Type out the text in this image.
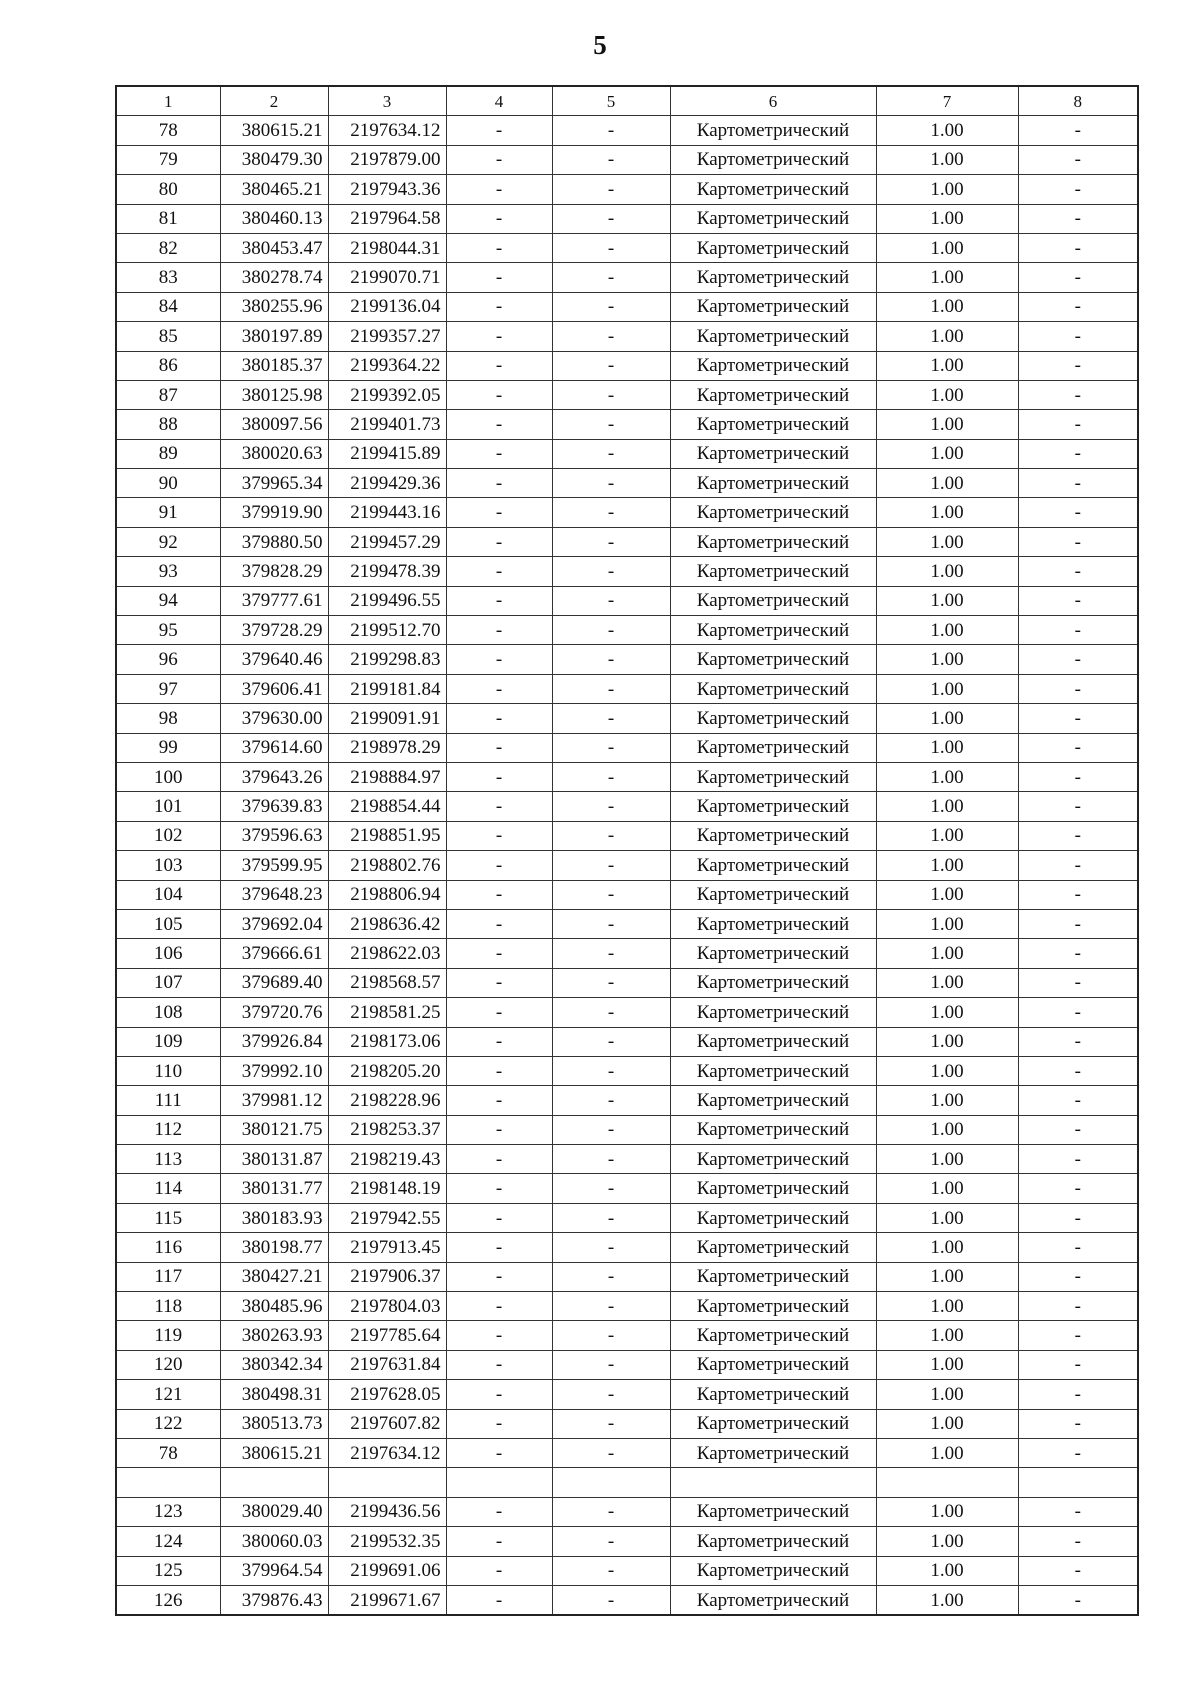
5
1	2	3	4	5	6	7	8
78	380615.21	2197634.12	-	-	Картометрический	1.00	-
79	380479.30	2197879.00	-	-	Картометрический	1.00	-
80	380465.21	2197943.36	-	-	Картометрический	1.00	-
81	380460.13	2197964.58	-	-	Картометрический	1.00	-
82	380453.47	2198044.31	-	-	Картометрический	1.00	-
83	380278.74	2199070.71	-	-	Картометрический	1.00	-
84	380255.96	2199136.04	-	-	Картометрический	1.00	-
85	380197.89	2199357.27	-	-	Картометрический	1.00	-
86	380185.37	2199364.22	-	-	Картометрический	1.00	-
87	380125.98	2199392.05	-	-	Картометрический	1.00	-
88	380097.56	2199401.73	-	-	Картометрический	1.00	-
89	380020.63	2199415.89	-	-	Картометрический	1.00	-
90	379965.34	2199429.36	-	-	Картометрический	1.00	-
91	379919.90	2199443.16	-	-	Картометрический	1.00	-
92	379880.50	2199457.29	-	-	Картометрический	1.00	-
93	379828.29	2199478.39	-	-	Картометрический	1.00	-
94	379777.61	2199496.55	-	-	Картометрический	1.00	-
95	379728.29	2199512.70	-	-	Картометрический	1.00	-
96	379640.46	2199298.83	-	-	Картометрический	1.00	-
97	379606.41	2199181.84	-	-	Картометрический	1.00	-
98	379630.00	2199091.91	-	-	Картометрический	1.00	-
99	379614.60	2198978.29	-	-	Картометрический	1.00	-
100	379643.26	2198884.97	-	-	Картометрический	1.00	-
101	379639.83	2198854.44	-	-	Картометрический	1.00	-
102	379596.63	2198851.95	-	-	Картометрический	1.00	-
103	379599.95	2198802.76	-	-	Картометрический	1.00	-
104	379648.23	2198806.94	-	-	Картометрический	1.00	-
105	379692.04	2198636.42	-	-	Картометрический	1.00	-
106	379666.61	2198622.03	-	-	Картометрический	1.00	-
107	379689.40	2198568.57	-	-	Картометрический	1.00	-
108	379720.76	2198581.25	-	-	Картометрический	1.00	-
109	379926.84	2198173.06	-	-	Картометрический	1.00	-
110	379992.10	2198205.20	-	-	Картометрический	1.00	-
111	379981.12	2198228.96	-	-	Картометрический	1.00	-
112	380121.75	2198253.37	-	-	Картометрический	1.00	-
113	380131.87	2198219.43	-	-	Картометрический	1.00	-
114	380131.77	2198148.19	-	-	Картометрический	1.00	-
115	380183.93	2197942.55	-	-	Картометрический	1.00	-
116	380198.77	2197913.45	-	-	Картометрический	1.00	-
117	380427.21	2197906.37	-	-	Картометрический	1.00	-
118	380485.96	2197804.03	-	-	Картометрический	1.00	-
119	380263.93	2197785.64	-	-	Картометрический	1.00	-
120	380342.34	2197631.84	-	-	Картометрический	1.00	-
121	380498.31	2197628.05	-	-	Картометрический	1.00	-
122	380513.73	2197607.82	-	-	Картометрический	1.00	-
78	380615.21	2197634.12	-	-	Картометрический	1.00	-

123	380029.40	2199436.56	-	-	Картометрический	1.00	-
124	380060.03	2199532.35	-	-	Картометрический	1.00	-
125	379964.54	2199691.06	-	-	Картометрический	1.00	-
126	379876.43	2199671.67	-	-	Картометрический	1.00	-
